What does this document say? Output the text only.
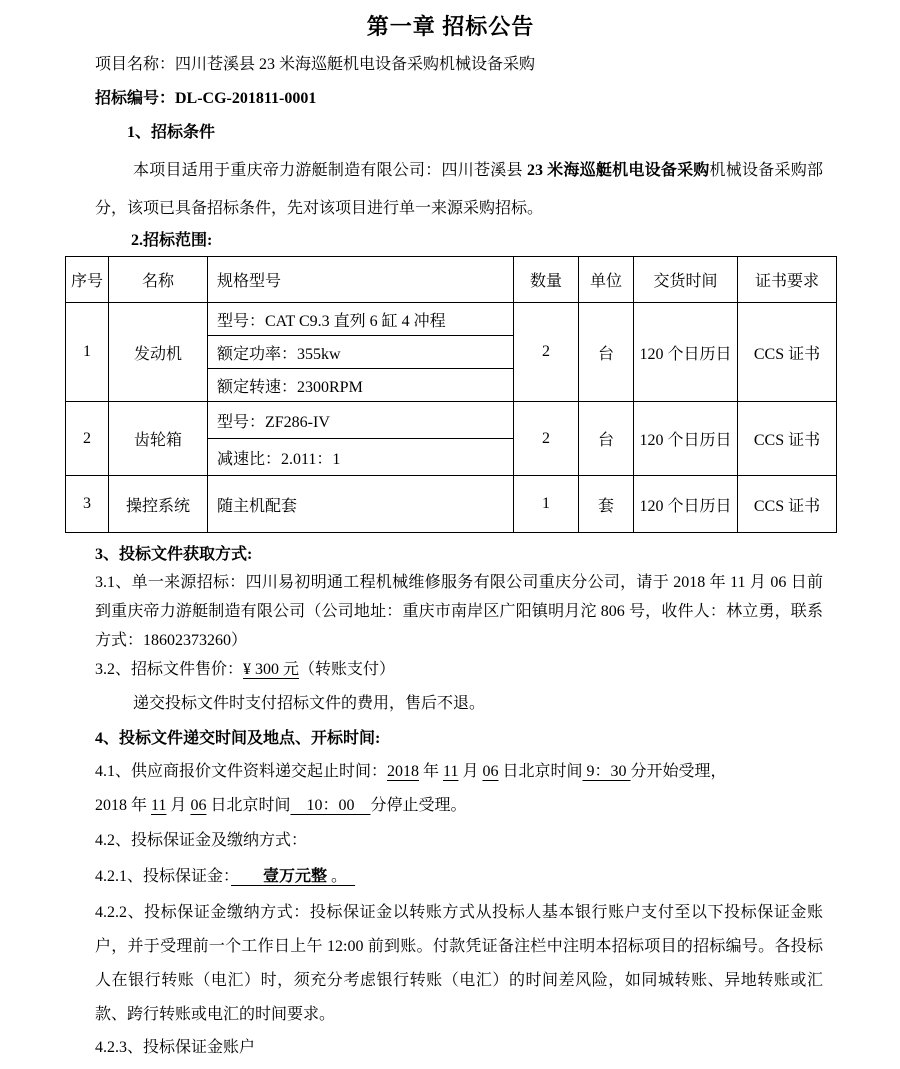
第一章 招标公告

项目名称：四川苍溪县 23 米海巡艇机电设备采购机械设备采购

招标编号：DL-CG-201811-0001

1、招标条件

本项目适用于重庆帝力游艇制造有限公司：四川苍溪县 23 米海巡艇机电设备采购机械设备采购部分，该项已具备招标条件，先对该项目进行单一来源采购招标。

2.招标范围:

序号	名称	规格型号	数量	单位	交货时间	证书要求
1	发动机	型号：CAT C9.3 直列 6 缸 4 冲程	2	台	120 个日历日	CCS 证书
		额定功率：355kw				
		额定转速：2300RPM				
2	齿轮箱	型号：ZF286-IV	2	台	120 个日历日	CCS 证书
		减速比：2.011：1				
3	操控系统	随主机配套	1	套	120 个日历日	CCS 证书

3、投标文件获取方式:

3.1、单一来源招标：四川易初明通工程机械维修服务有限公司重庆分公司，请于 2018 年 11 月 06 日前到重庆帝力游艇制造有限公司（公司地址：重庆市南岸区广阳镇明月沱 806 号，收件人：林立勇，联系方式：18602373260）

3.2、招标文件售价：¥ 300 元（转账支付）

递交投标文件时支付招标文件的费用，售后不退。

4、投标文件递交时间及地点、开标时间:

4.1、供应商报价文件资料递交起止时间：2018 年 11 月 06 日北京时间 9：30 分开始受理，
2018 年 11 月 06 日北京时间　10：00　分停止受理。

4.2、投标保证金及缴纳方式：

4.2.1、投标保证金：　　 壹万元整 。　

4.2.2、投标保证金缴纳方式：投标保证金以转账方式从投标人基本银行账户支付至以下投标保证金账户，并于受理前一个工作日上午 12:00 前到账。付款凭证备注栏中注明本招标项目的招标编号。各投标人在银行转账（电汇）时，须充分考虑银行转账（电汇）的时间差风险，如同城转账、异地转账或汇款、跨行转账或电汇的时间要求。

4.2.3、投标保证金账户
